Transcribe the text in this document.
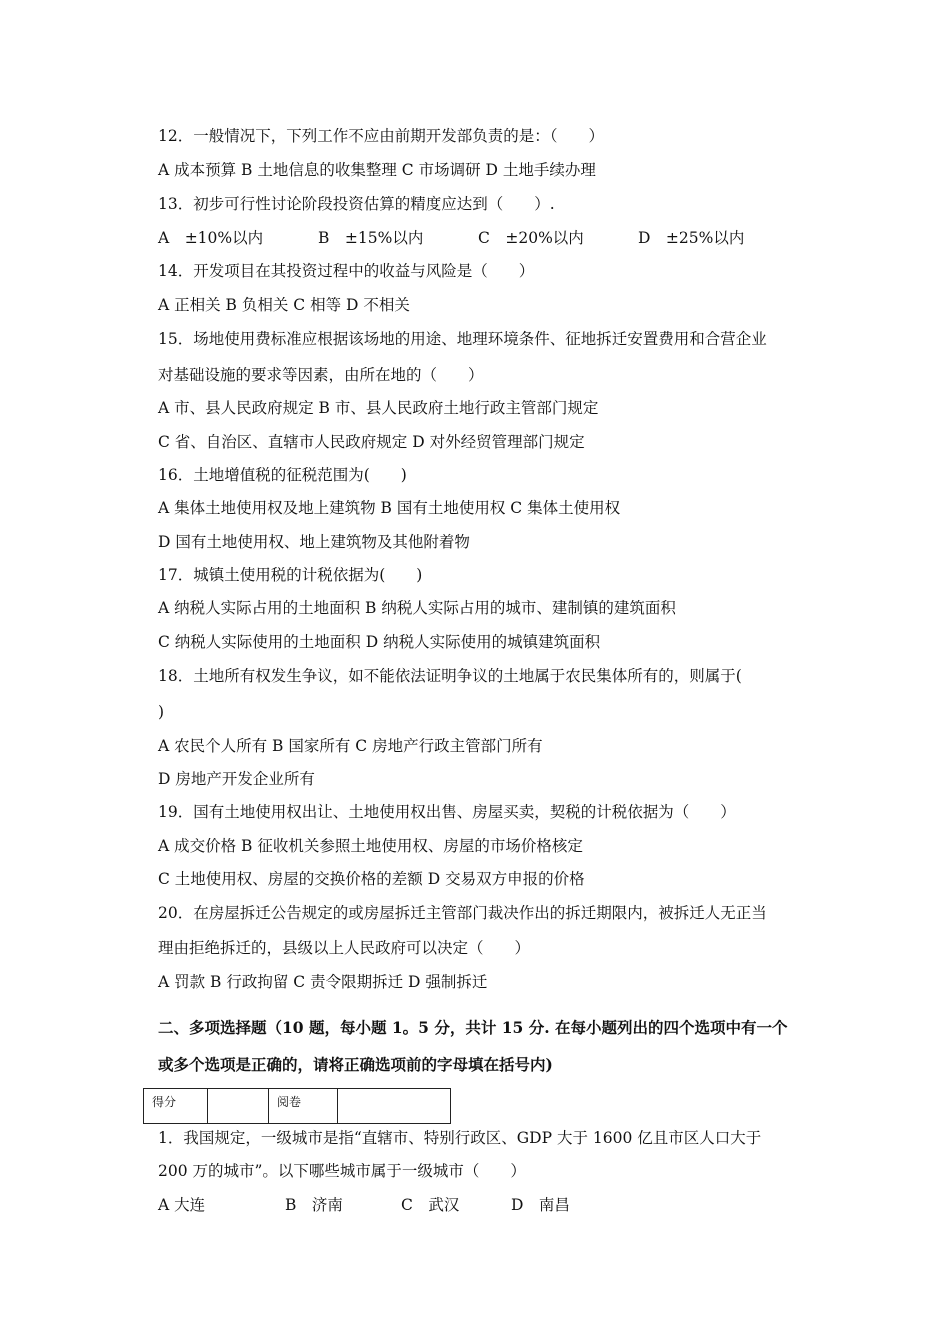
12．一般情况下，下列工作不应由前期开发部负责的是：（　　）
A 成本预算 B 土地信息的收集整理 C 市场调研 D 土地手续办理
13．初步可行性讨论阶段投资估算的精度应达到（　　）.
A　±10%以内	B　±15%以内	C　±20%以内	D　±25%以内
14．开发项目在其投资过程中的收益与风险是（　　）
A 正相关 B 负相关 C 相等 D 不相关
15．场地使用费标准应根据该场地的用途、地理环境条件、征地拆迁安置费用和合营企业
对基础设施的要求等因素，由所在地的（　　）
A 市、县人民政府规定 B 市、县人民政府土地行政主管部门规定
C 省、自治区、直辖市人民政府规定 D 对外经贸管理部门规定
16．土地增值税的征税范围为(　　)
A 集体土地使用权及地上建筑物 B 国有土地使用权 C 集体土使用权
D 国有土地使用权、地上建筑物及其他附着物
17．城镇土使用税的计税依据为(　　)
A 纳税人实际占用的土地面积 B 纳税人实际占用的城市、建制镇的建筑面积
C 纳税人实际使用的土地面积 D 纳税人实际使用的城镇建筑面积
18．土地所有权发生争议，如不能依法证明争议的土地属于农民集体所有的，则属于(
)
A 农民个人所有 B 国家所有 C 房地产行政主管部门所有
D 房地产开发企业所有
19．国有土地使用权出让、土地使用权出售、房屋买卖，契税的计税依据为（　　）
A 成交价格 B 征收机关参照土地使用权、房屋的市场价格核定
C 土地使用权、房屋的交换价格的差额 D 交易双方申报的价格
20．在房屋拆迁公告规定的或房屋拆迁主管部门裁决作出的拆迁期限内，被拆迁人无正当
理由拒绝拆迁的，县级以上人民政府可以决定（　　）
A 罚款 B 行政拘留 C 责令限期拆迁 D 强制拆迁
二、多项选择题（10 题，每小题 1。5 分，共计 15 分. 在每小题列出的四个选项中有一个
或多个选项是正确的，请将正确选项前的字母填在括号内)
得分		阅卷	
1．我国规定，一级城市是指“直辖市、特别行政区、GDP 大于 1600 亿且市区人口大于
200 万的城市”。以下哪些城市属于一级城市（　　）
A 大连	B　济南	C　武汉	D　南昌
